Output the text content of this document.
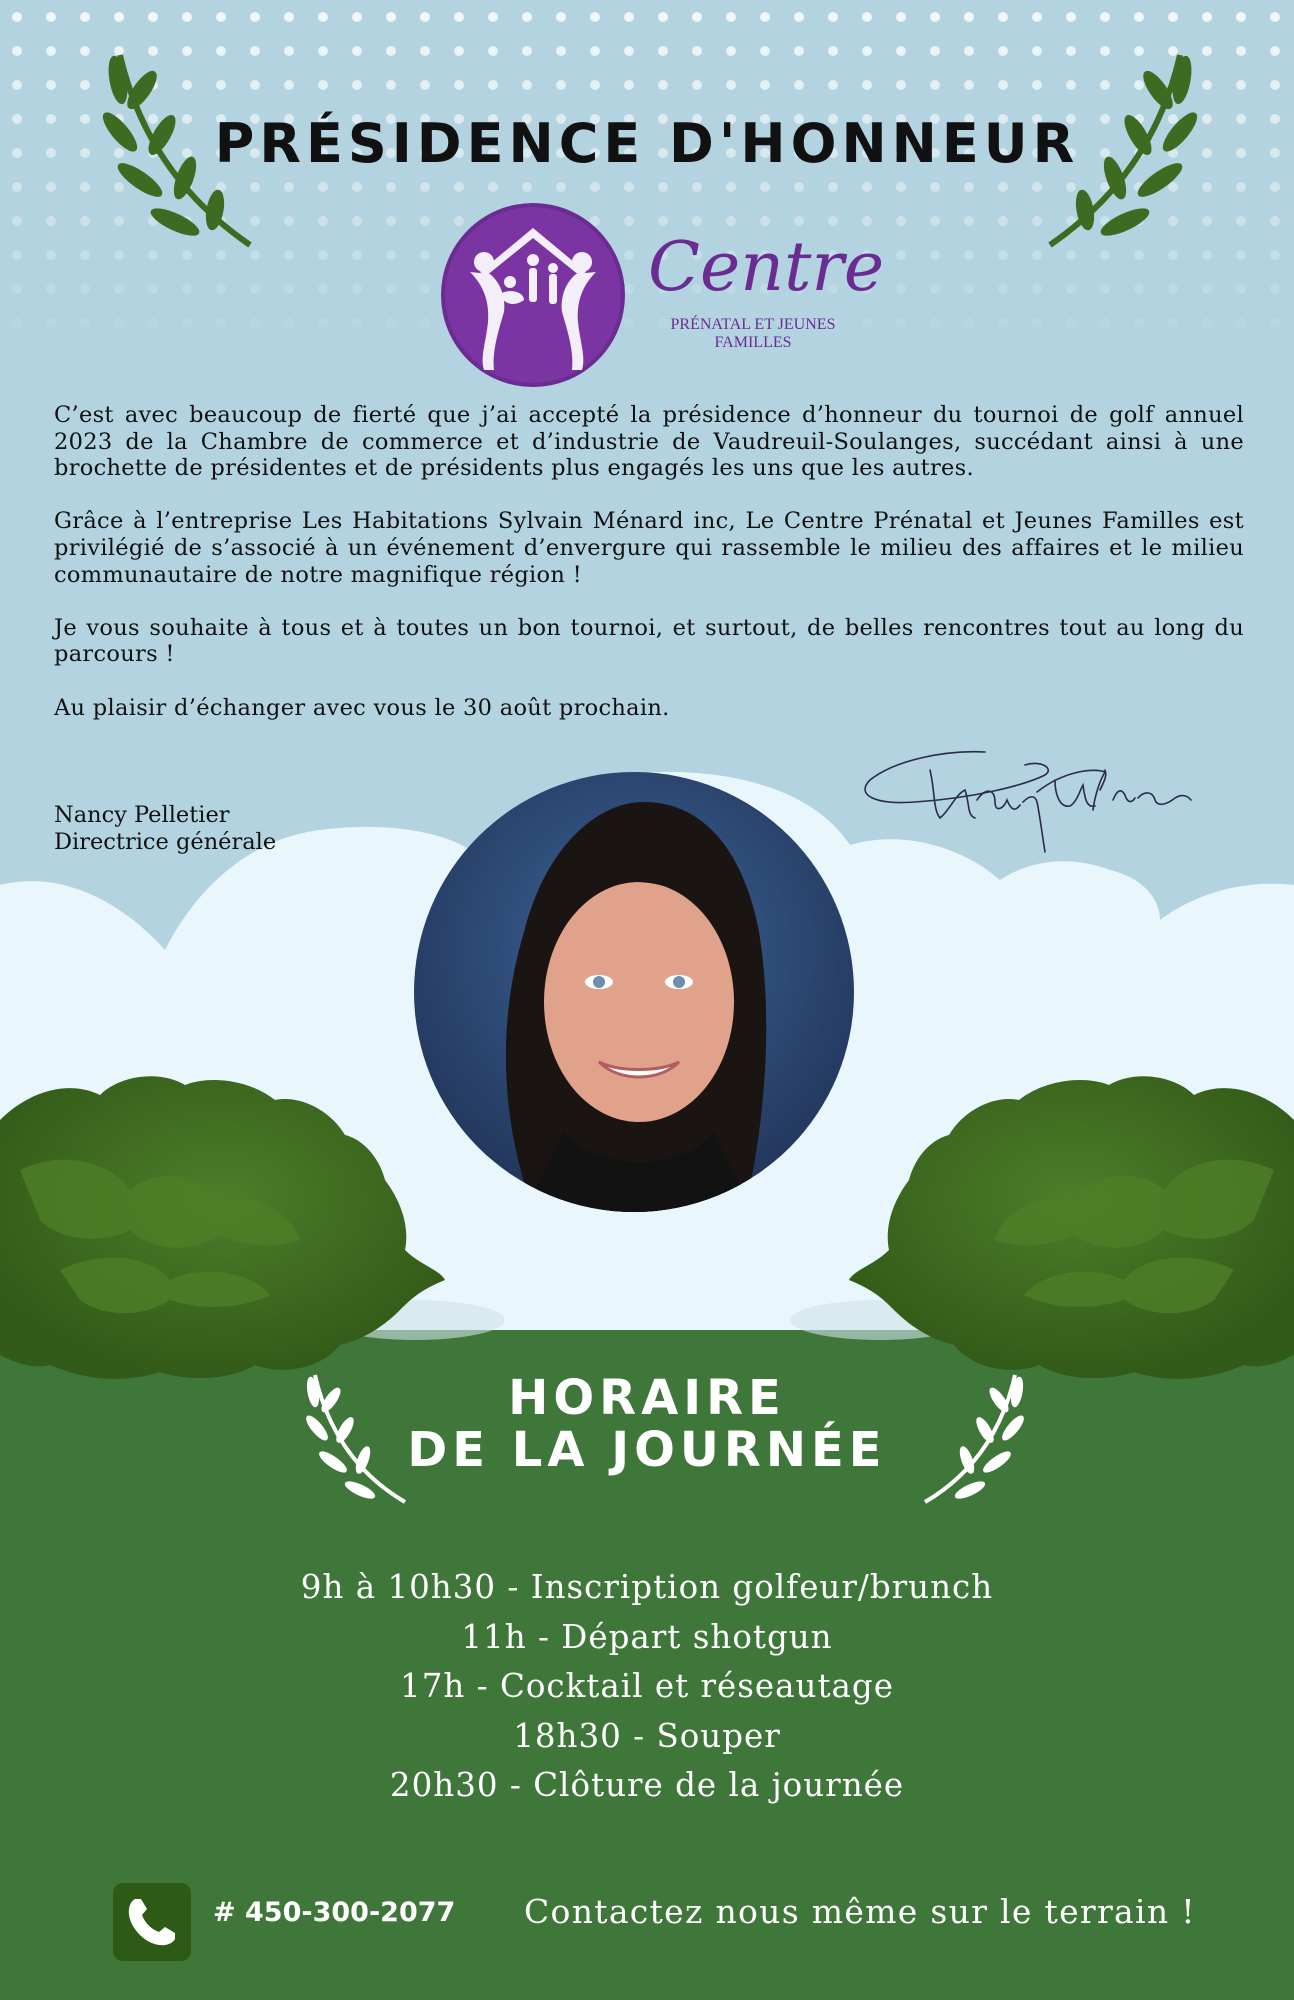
PRÉSIDENCE D'HONNEUR
Centre
PRÉNATAL ET JEUNES
FAMILLES

C’est avec beaucoup de fierté que j’ai accepté la présidence d’honneur du tournoi de golf annuel 2023 de la Chambre de commerce et d’industrie de Vaudreuil-Soulanges, succédant ainsi à une brochette de présidentes et de présidents plus engagés les uns que les autres.

Grâce à l’entreprise Les Habitations Sylvain Ménard inc, Le Centre Prénatal et Jeunes Familles est privilégié de s’associé à un événement d’envergure qui rassemble le milieu des affaires et le milieu communautaire de notre magnifique région !

Je vous souhaite à tous et à toutes un bon tournoi, et surtout, de belles rencontres tout au long du parcours !

Au plaisir d’échanger avec vous le 30 août prochain.

Nancy Pelletier
Directrice générale
HORAIRE
DE LA JOURNÉE
9h à 10h30 - Inscription golfeur/brunch
11h - Départ shotgun
17h - Cocktail et réseautage
18h30 - Souper
20h30 - Clôture de la journée
# 450-300-2077 Contactez nous même sur le terrain !
